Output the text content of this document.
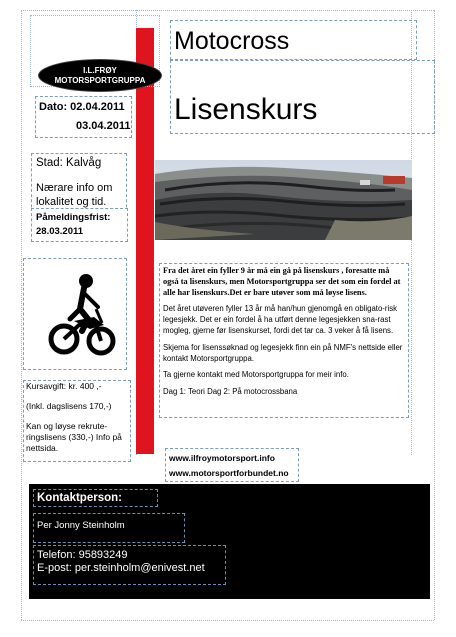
I.L.FRØY
MOTORSPORTGRUPPA
Motocross
Lisenskurs
Dato: 02.04.2011
03.04.2011

Stad: Kalvåg

Nærare info om lokalitet og tid.

Påmeldingsfrist:

28.03.2011

Kursavgift: kr. 400 ,-

(Inkl. dagslisens 170,-)

Kan og løyse rekrute-ringslisens (330,-) Info på nettsida.

Fra det året ein fyller 9 år må ein gå på lisenskurs , foresatte må også ta lisenskurs, men Motorsportgruppa ser det som ein fordel at alle har lisenskurs.Det er bare utøver som må løyse lisens.

Det året utøveren fyller 13 år må han/hun gjenomgå en obligato-risk legesjekk. Det er ein fordel å ha utført denne legesjekken sna-rast mogleg, gjerne før lisenskurset, fordi det tar ca. 3 veker å få lisens.

Skjema for lisenssøknad og legesjekk finn ein på NMF's nettside eller kontakt Motorsportgruppa.

Ta gjerne kontakt med Motorsportgruppa for meir info.

Dag 1: Teori Dag 2: På motocrossbana

www.ilfroymotorsport.info
www.motorsportforbundet.no
Kontaktperson:
Per Jonny Steinholm
Telefon: 95893249
E-post: per.steinholm@enivest.net
